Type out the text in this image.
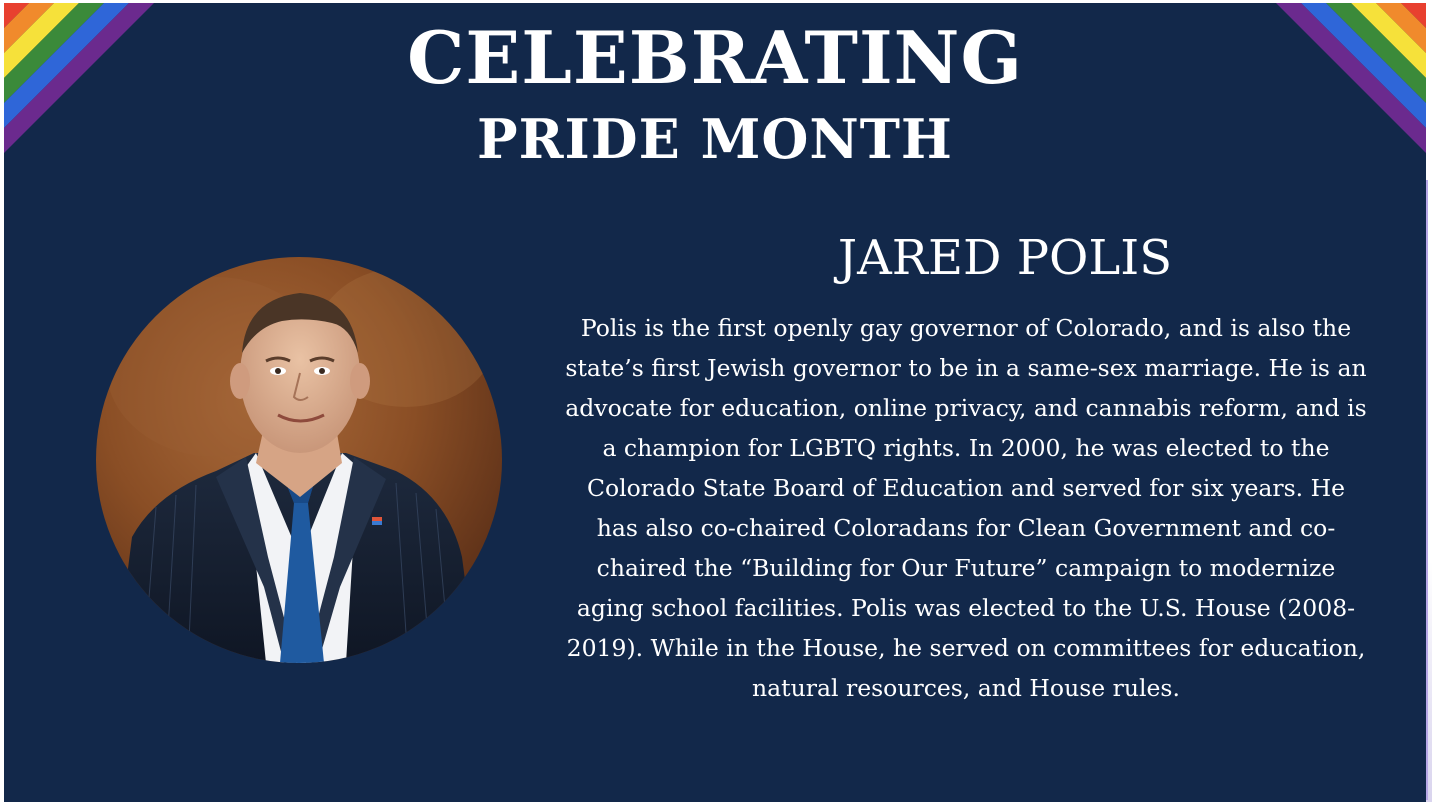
CELEBRATING
PRIDE MONTH
JARED POLIS

Polis is the first openly gay governor of Colorado, and is also the state’s first Jewish governor to be in a same-sex marriage. He is an advocate for education, online privacy, and cannabis reform, and is a champion for LGBTQ rights. In 2000, he was elected to the Colorado State Board of Education and served for six years. He has also co-chaired Coloradans for Clean Government and co-chaired the “Building for Our Future” campaign to modernize aging school facilities. Polis was elected to the U.S. House (2008-2019). While in the House, he served on committees for education, natural resources, and House rules.
